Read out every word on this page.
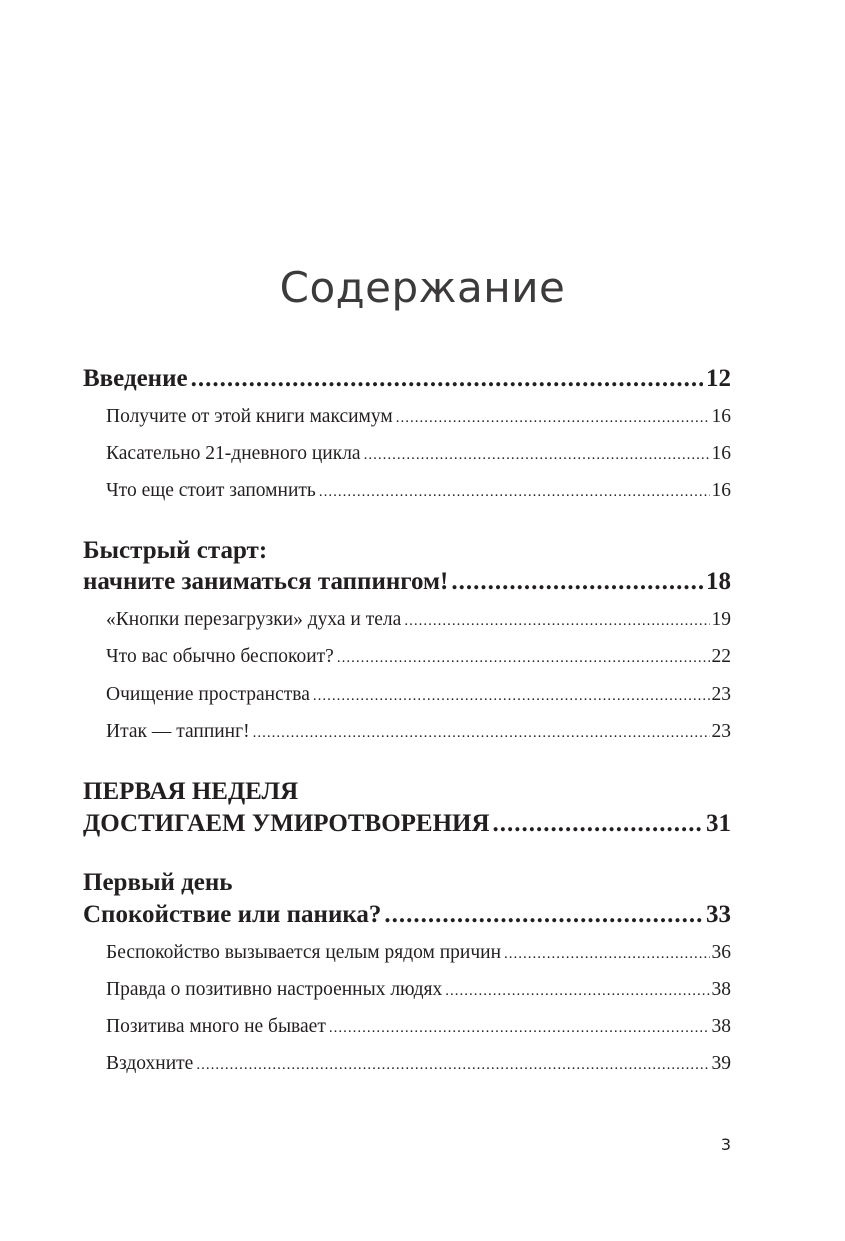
Содержание
Введение .....	12
Получите от этой книги максимум .....	16
Касательно 21-дневного цикла .....	16
Что еще стоит запомнить .....	16
Быстрый старт:
начните заниматься таппингом! .....	18
«Кнопки перезагрузки» духа и тела .....	19
Что вас обычно беспокоит? .....	22
Очищение пространства .....	23
Итак — таппинг! .....	23
ПЕРВАЯ НЕДЕЛЯ
ДОСТИГАЕМ УМИРОТВОРЕНИЯ .....	31
Первый день
Спокойствие или паника? .....	33
Беспокойство вызывается целым рядом причин .....	36
Правда о позитивно настроенных людях .....	38
Позитива много не бывает .....	38
Вздохните .....	39
3
